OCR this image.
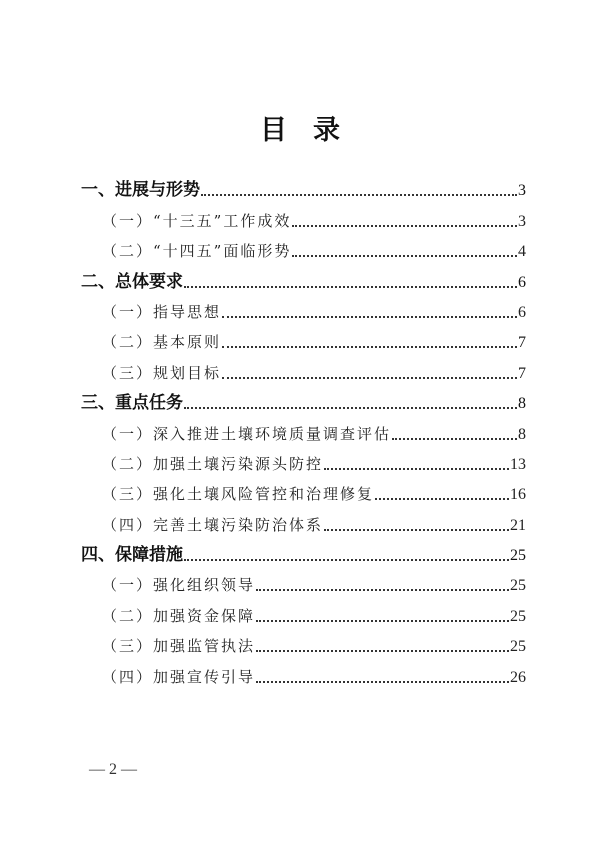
目录
一、进展与形势	3
（一）“十三五”工作成效	3
（二）“十四五”面临形势	4
二、总体要求	6
（一）指导思想	6
（二）基本原则	7
（三）规划目标	7
三、重点任务	8
（一）深入推进土壤环境质量调查评估	8
（二）加强土壤污染源头防控	13
（三）强化土壤风险管控和治理修复	16
（四）完善土壤污染防治体系	21
四、保障措施	25
（一）强化组织领导	25
（二）加强资金保障	25
（三）加强监管执法	25
（四）加强宣传引导	26
— 2 —
